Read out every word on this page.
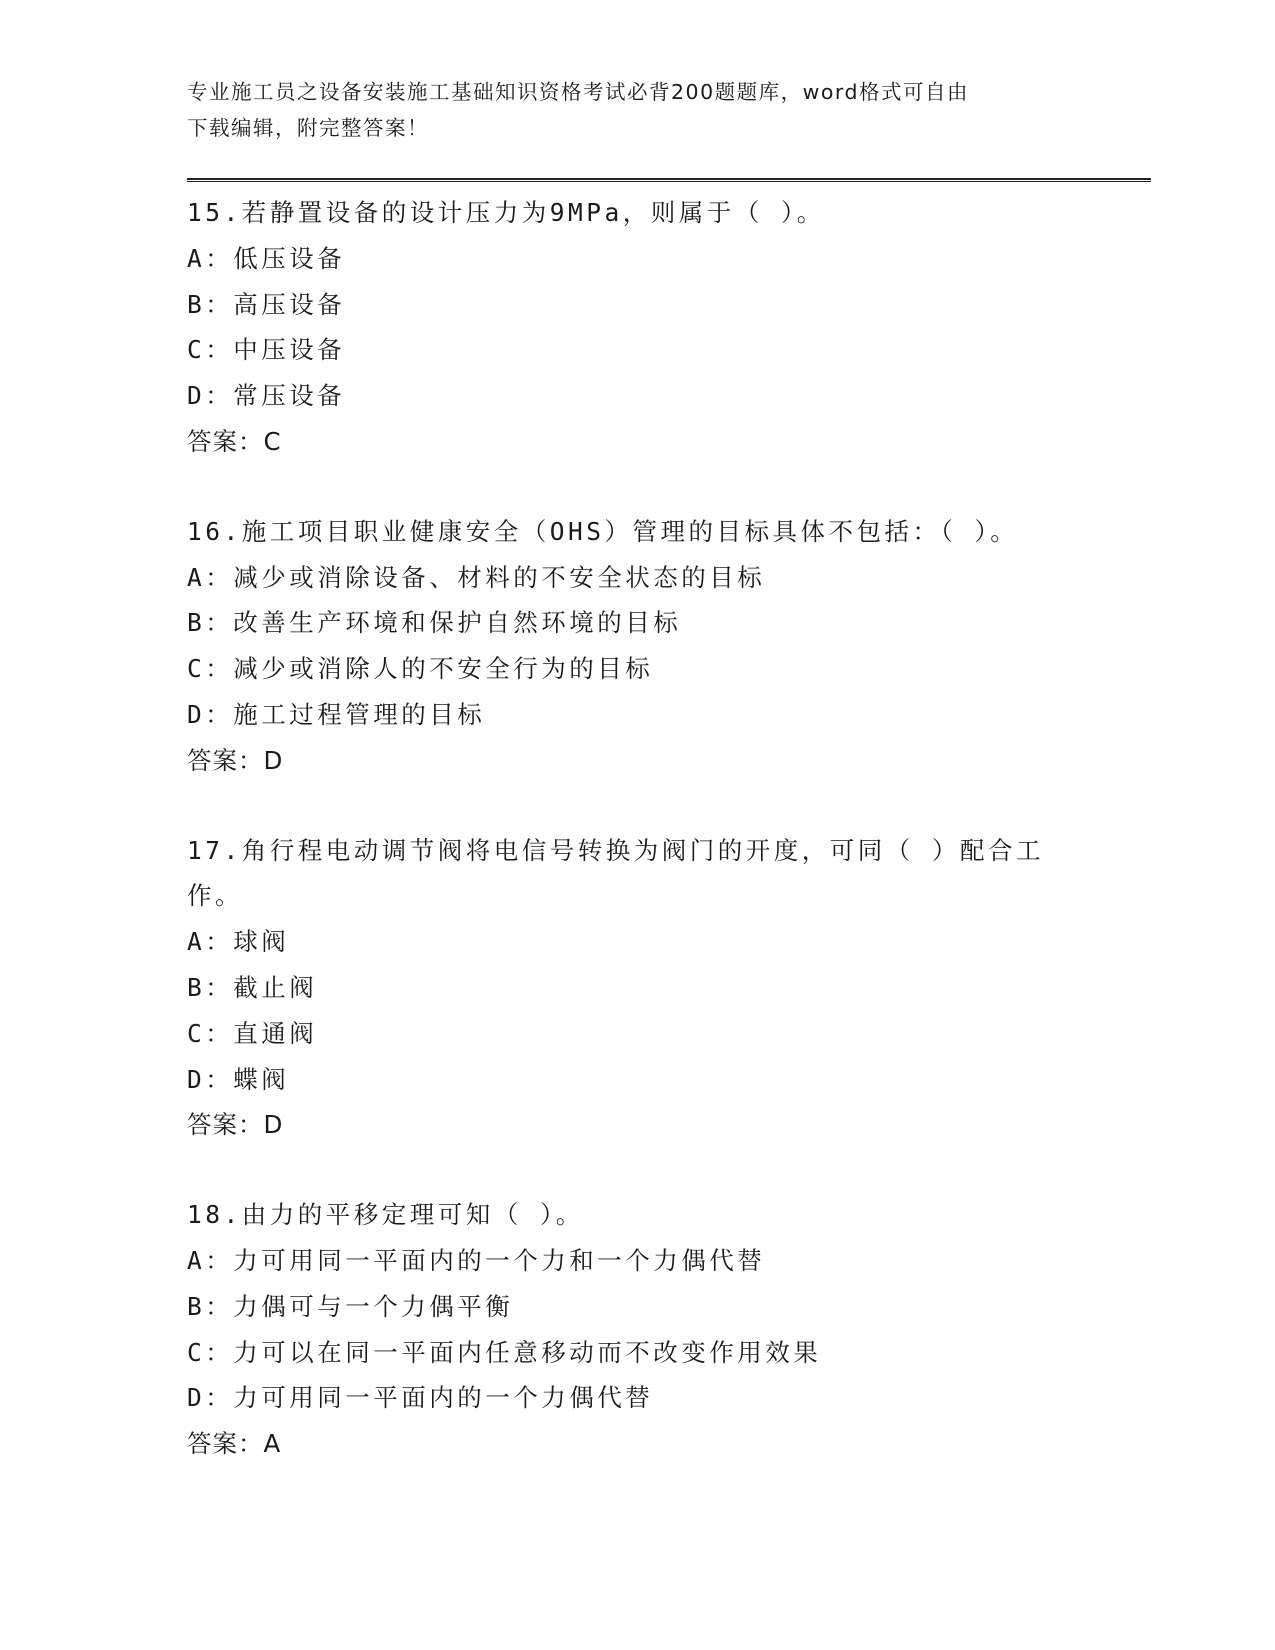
专业施工员之设备安装施工基础知识资格考试必背200题题库，word格式可自由
下载编辑，附完整答案！
15.若静置设备的设计压力为9MPa，则属于（ ）。
A：低压设备
B：高压设备
C：中压设备
D：常压设备
答案：C
16.施工项目职业健康安全（OHS）管理的目标具体不包括：（ ）。
A：减少或消除设备、材料的不安全状态的目标
B：改善生产环境和保护自然环境的目标
C：减少或消除人的不安全行为的目标
D：施工过程管理的目标
答案：D
17.角行程电动调节阀将电信号转换为阀门的开度，可同（ ）配合工
作。
A：球阀
B：截止阀
C：直通阀
D：蝶阀
答案：D
18.由力的平移定理可知（ ）。
A：力可用同一平面内的一个力和一个力偶代替
B：力偶可与一个力偶平衡
C：力可以在同一平面内任意移动而不改变作用效果
D：力可用同一平面内的一个力偶代替
答案：A
